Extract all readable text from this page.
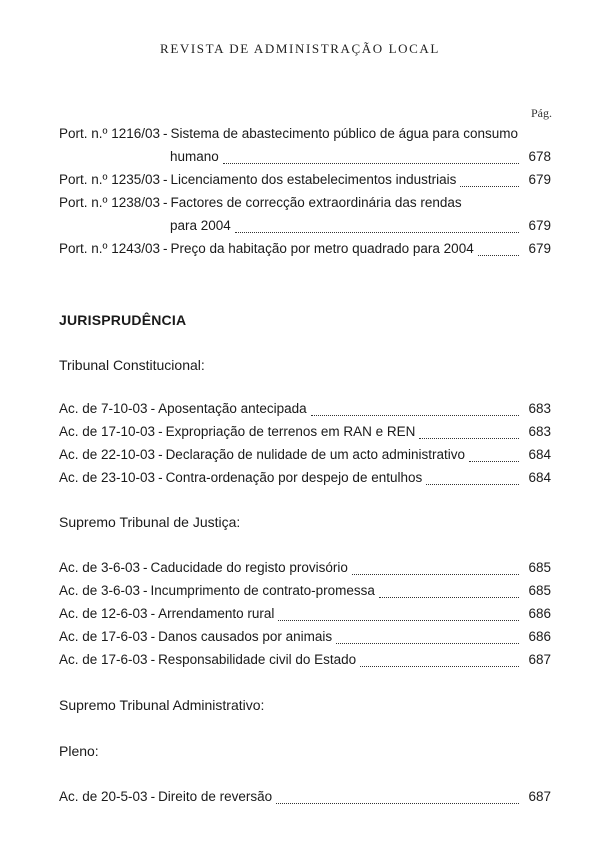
REVISTA DE ADMINISTRAÇÃO LOCAL
Pág.
Port. n.º 1216/03 - Sistema de abastecimento público de água para consumo
humano	678
Port. n.º 1235/03 - Licenciamento dos estabelecimentos industriais	679
Port. n.º 1238/03 - Factores de correcção extraordinária das rendas
para 2004	679
Port. n.º 1243/03 - Preço da habitação por metro quadrado para 2004	679
JURISPRUDÊNCIA
Tribunal Constitucional:
Ac. de 7-10-03 - Aposentação antecipada	683
Ac. de 17-10-03 - Expropriação de terrenos em RAN e REN	683
Ac. de 22-10-03 - Declaração de nulidade de um acto administrativo	684
Ac. de 23-10-03 - Contra-ordenação por despejo de entulhos	684
Supremo Tribunal de Justiça:
Ac. de 3-6-03 - Caducidade do registo provisório	685
Ac. de 3-6-03 - Incumprimento de contrato-promessa	685
Ac. de 12-6-03 - Arrendamento rural	686
Ac. de 17-6-03 - Danos causados por animais	686
Ac. de 17-6-03 - Responsabilidade civil do Estado	687
Supremo Tribunal Administrativo:
Pleno:
Ac. de 20-5-03 - Direito de reversão	687
